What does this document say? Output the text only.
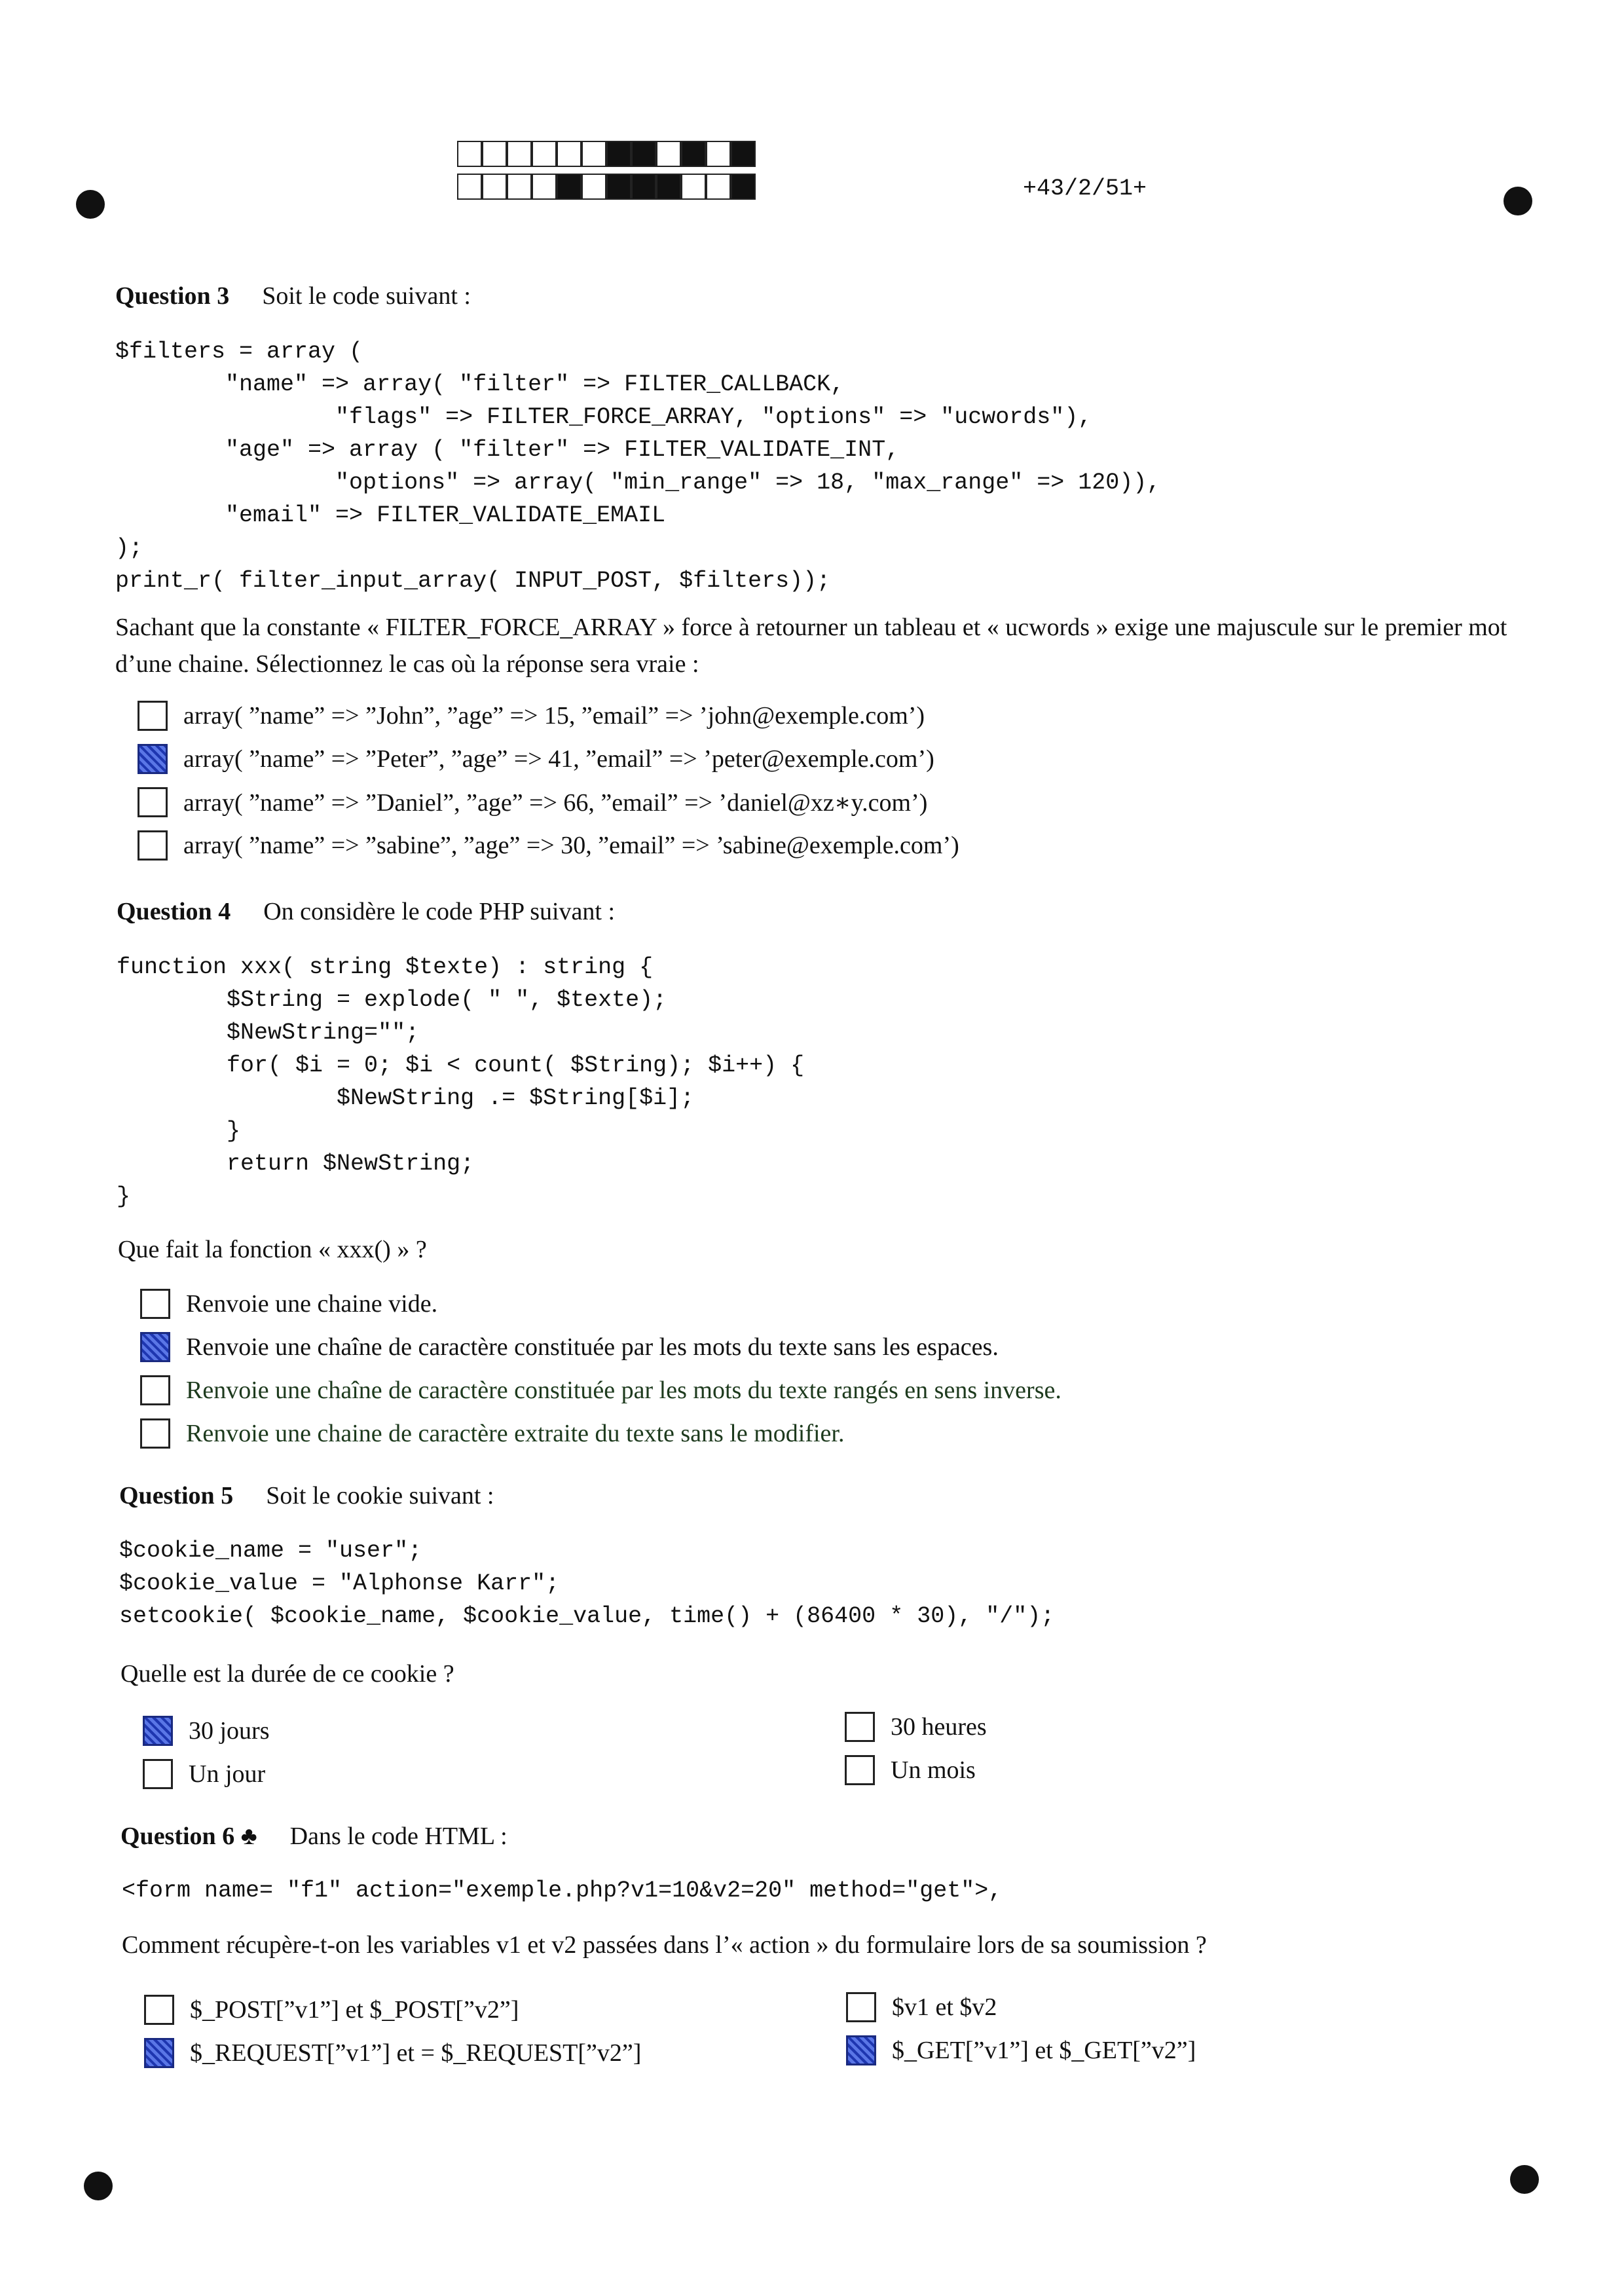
+43/2/51+
Question 3 Soit le code suivant :
$filters = array (
"name" => array( "filter" => FILTER_CALLBACK,
"flags" => FILTER_FORCE_ARRAY, "options" => "ucwords"),
"age" => array ( "filter" => FILTER_VALIDATE_INT,
"options" => array( "min_range" => 18, "max_range" => 120)),
"email" => FILTER_VALIDATE_EMAIL
);
print_r( filter_input_array( INPUT_POST, $filters));
Sachant que la constante « FILTER_FORCE_ARRAY » force à retourner un tableau et « ucwords » exige une majuscule sur le premier mot d’une chaine. Sélectionnez le cas où la réponse sera vraie :
array( ”name” => ”John”, ”age” => 15, ”email” => ’john@exemple.com’)
array( ”name” => ”Peter”, ”age” => 41, ”email” => ’peter@exemple.com’)
array( ”name” => ”Daniel”, ”age” => 66, ”email” => ’daniel@xz∗y.com’)
array( ”name” => ”sabine”, ”age” => 30, ”email” => ’sabine@exemple.com’)
Question 4 On considère le code PHP suivant :
function xxx( string $texte) : string {
$String = explode( " ", $texte);
$NewString="";
for( $i = 0; $i < count( $String); $i++) {
$NewString .= $String[$i];
}
return $NewString;
}
Que fait la fonction « xxx() » ?
Renvoie une chaine vide.
Renvoie une chaîne de caractère constituée par les mots du texte sans les espaces.
Renvoie une chaîne de caractère constituée par les mots du texte rangés en sens inverse.
Renvoie une chaine de caractère extraite du texte sans le modifier.
Question 5 Soit le cookie suivant :
$cookie_name = "user";
$cookie_value = "Alphonse Karr";
setcookie( $cookie_name, $cookie_value, time() + (86400 * 30), "/");
Quelle est la durée de ce cookie ?
30 jours
Un jour
30 heures
Un mois
Question 6 ♣ Dans le code HTML :
<form name= "f1" action="exemple.php?v1=10&v2=20" method="get">,
Comment récupère-t-on les variables v1 et v2 passées dans l’« action » du formulaire lors de sa soumission ?
$_POST[”v1”] et $_POST[”v2”]
$_REQUEST[”v1”] et = $_REQUEST[”v2”]
$v1 et $v2
$_GET[”v1”] et $_GET[”v2”]
